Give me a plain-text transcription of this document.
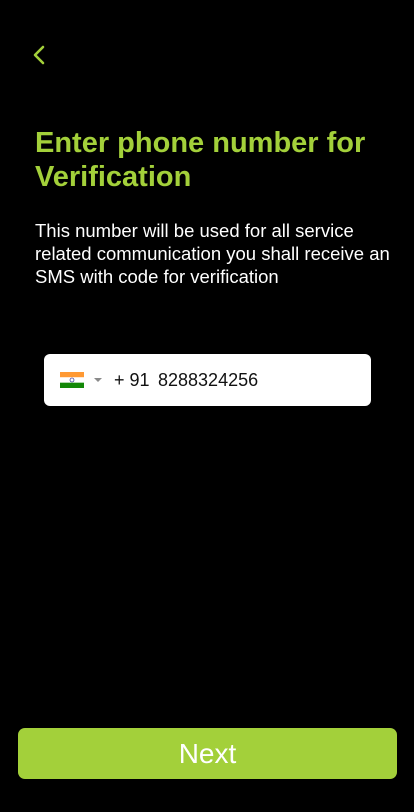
Enter phone number for Verification

This number will be used for all service related communication you shall receive an SMS with code for verification

+ 91
8288324256
Next
